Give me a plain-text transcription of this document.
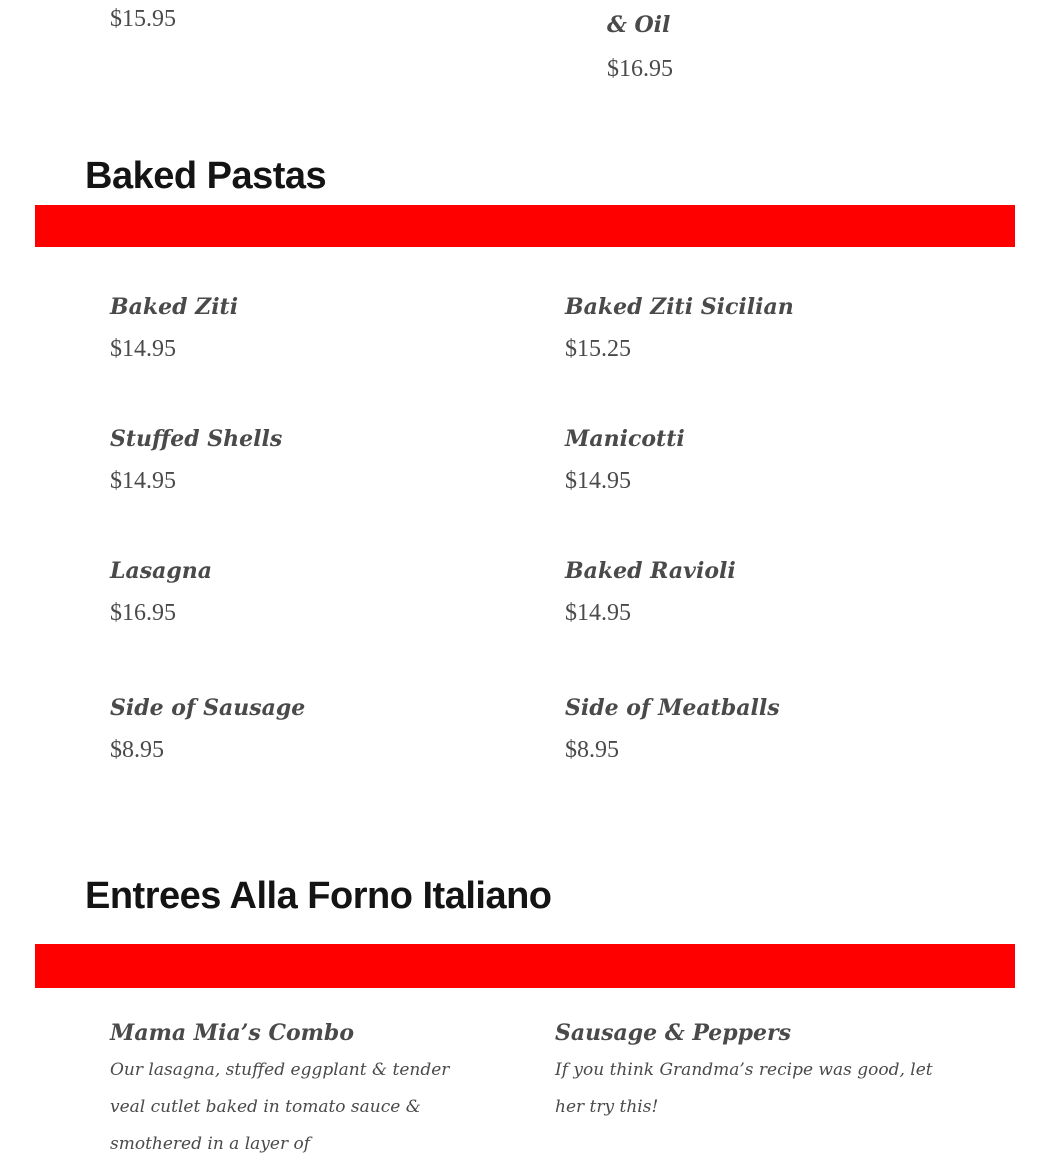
$15.95	& Oil
$16.95
Baked Pastas
Baked Ziti
$14.95
Baked Ziti Sicilian
$15.25
Stuffed Shells
$14.95
Manicotti
$14.95
Lasagna
$16.95
Baked Ravioli
$14.95
Side of Sausage
$8.95
Side of Meatballs
$8.95
Entrees Alla Forno Italiano
Mama Mia’s Combo
Our lasagna, stuffed eggplant & tender veal cutlet baked in tomato sauce & smothered in a layer of
Sausage & Peppers
If you think Grandma’s recipe was good, let her try this!
